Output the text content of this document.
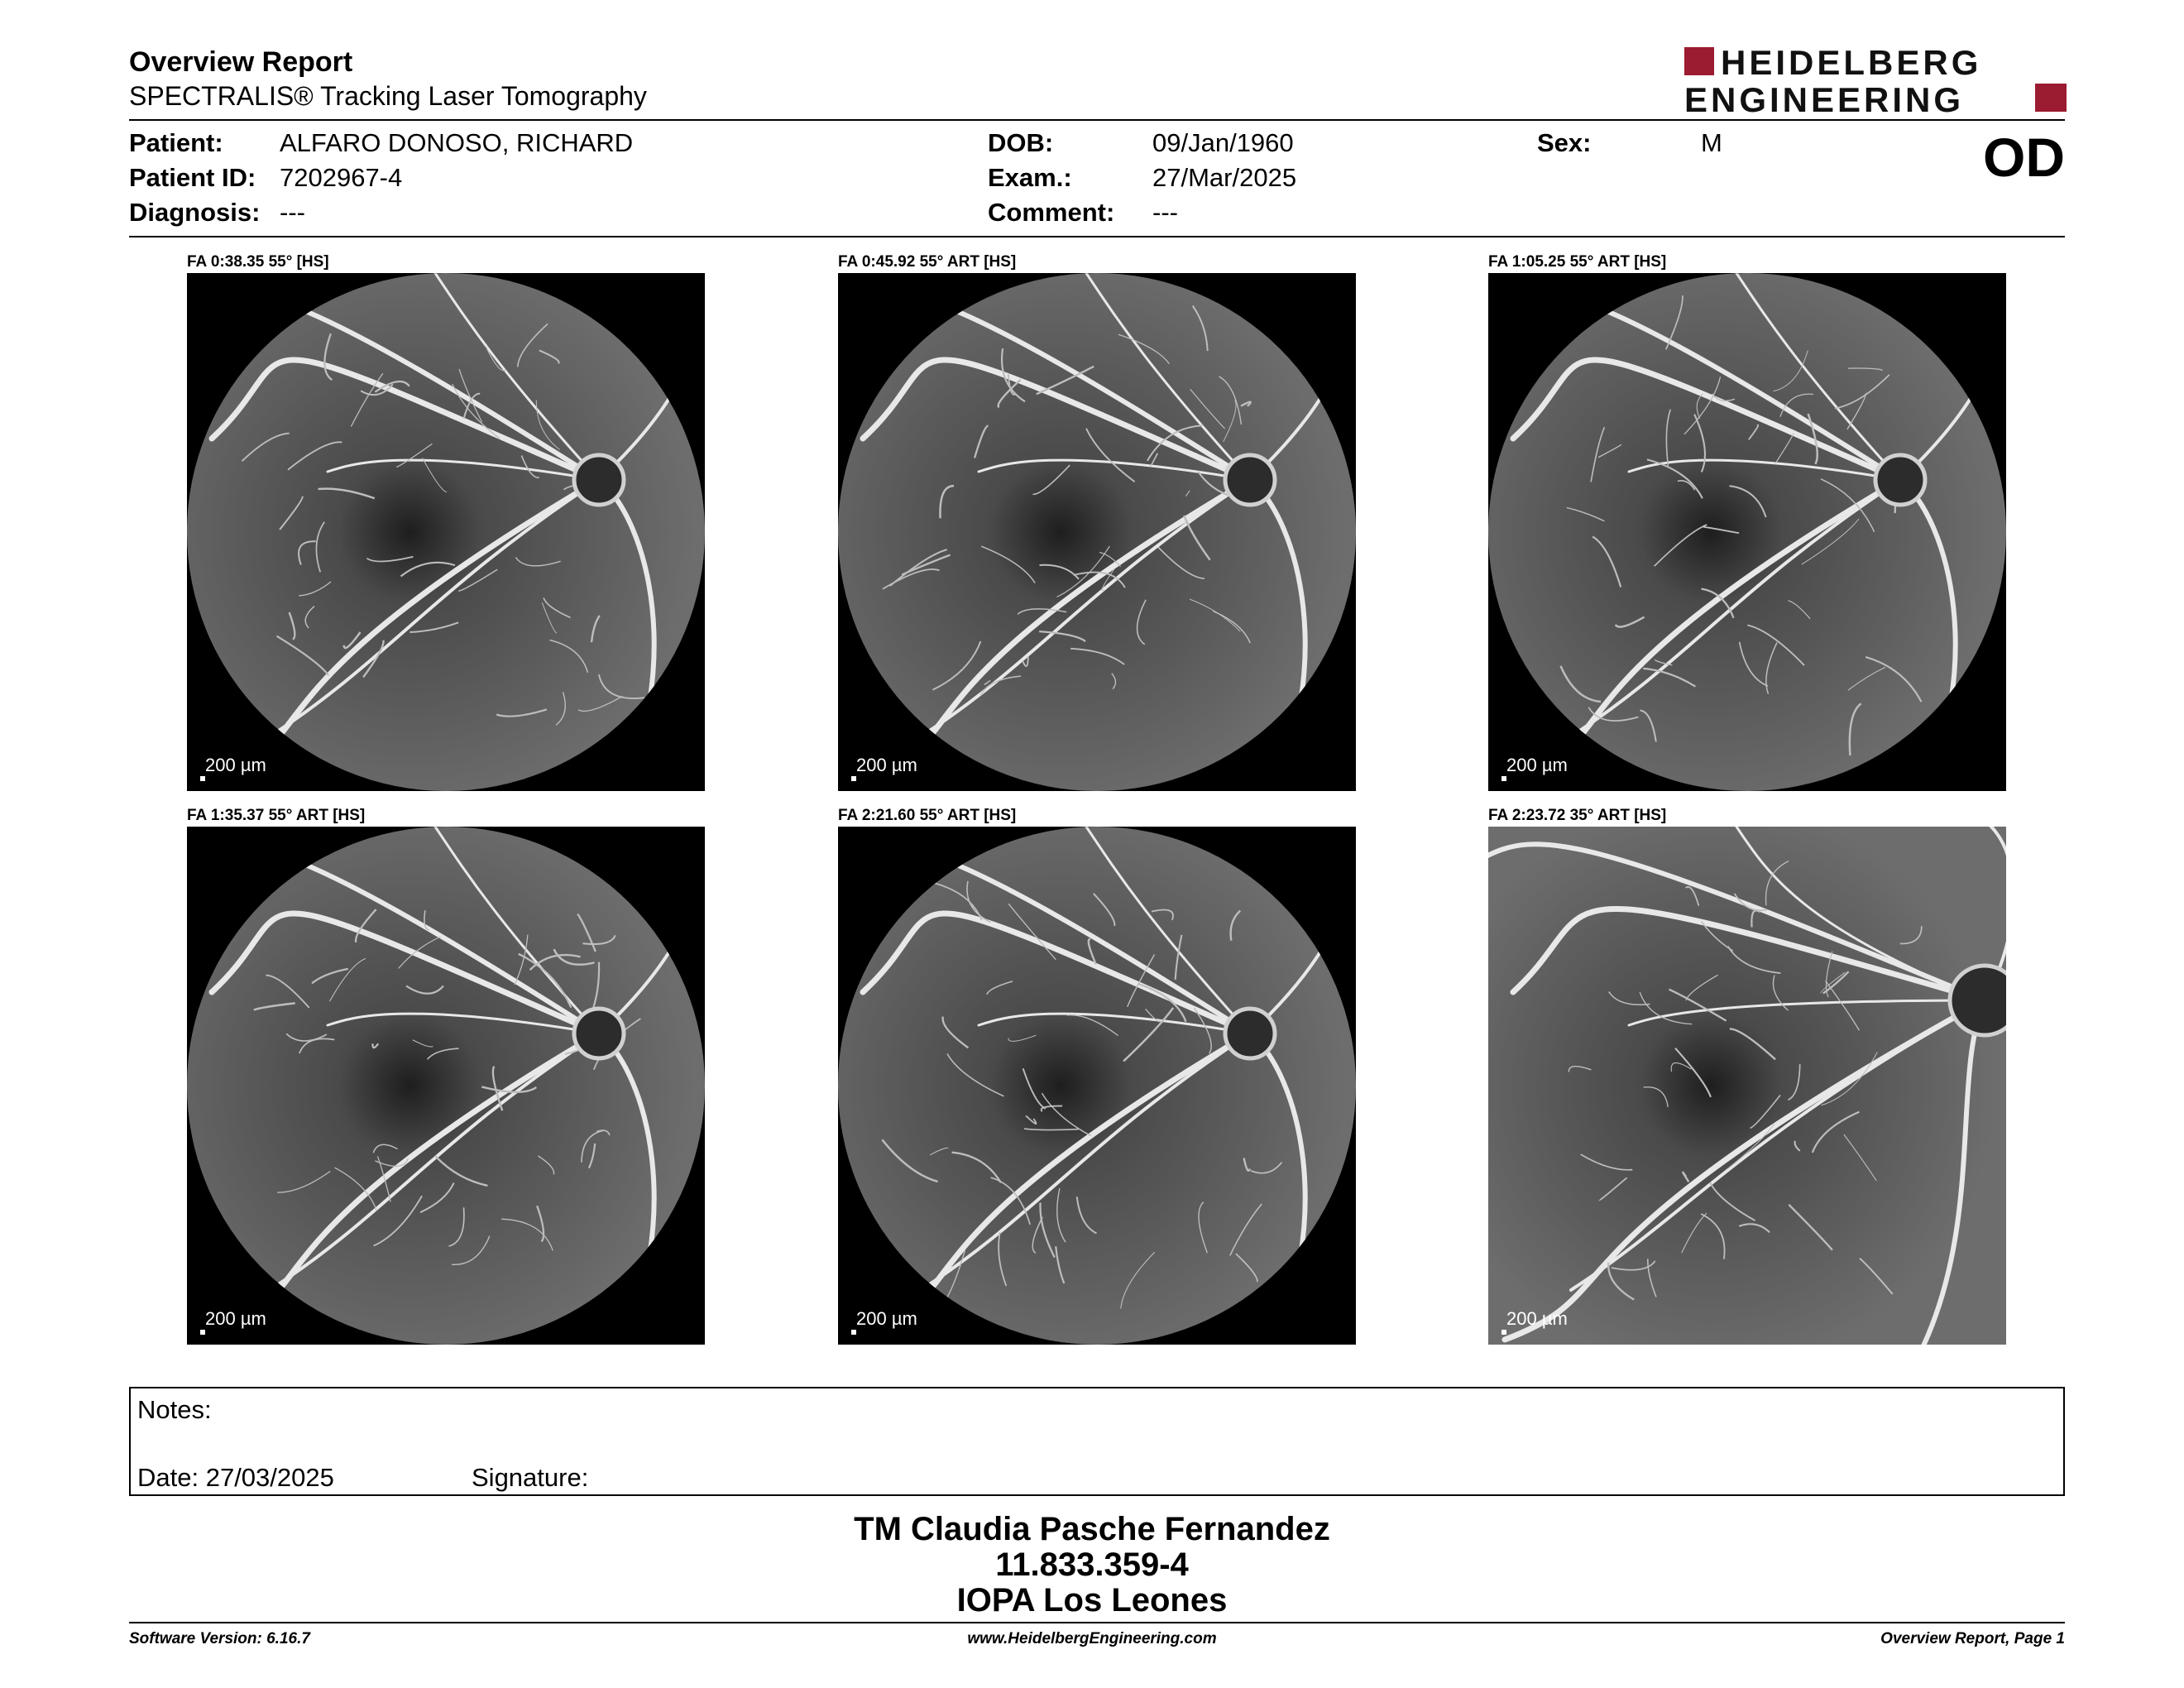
Overview Report
SPECTRALIS® Tracking Laser Tomography
HEIDELBERG
ENGINEERING
Patient: ALFARO DONOSO, RICHARD
Patient ID: 7202967-4
Diagnosis: ---
DOB:	09/Jan/1960
Exam.:	27/Mar/2025
Comment: ---
Sex:	M	OD
FA 0:38.35 55° [HS]
200 µm
FA 0:45.92 55° ART [HS]
200 µm
FA 1:05.25 55° ART [HS]
200 µm
FA 1:35.37 55° ART [HS]
200 µm
FA 2:21.60 55° ART [HS]
200 µm
FA 2:23.72 35° ART [HS]
200 µm
Notes:
Date: 27/03/2025	Signature:
TM Claudia Pasche Fernandez
11.833.359-4
IOPA Los Leones
Software Version: 6.16.7	www.HeidelbergEngineering.com	Overview Report, Page 1
